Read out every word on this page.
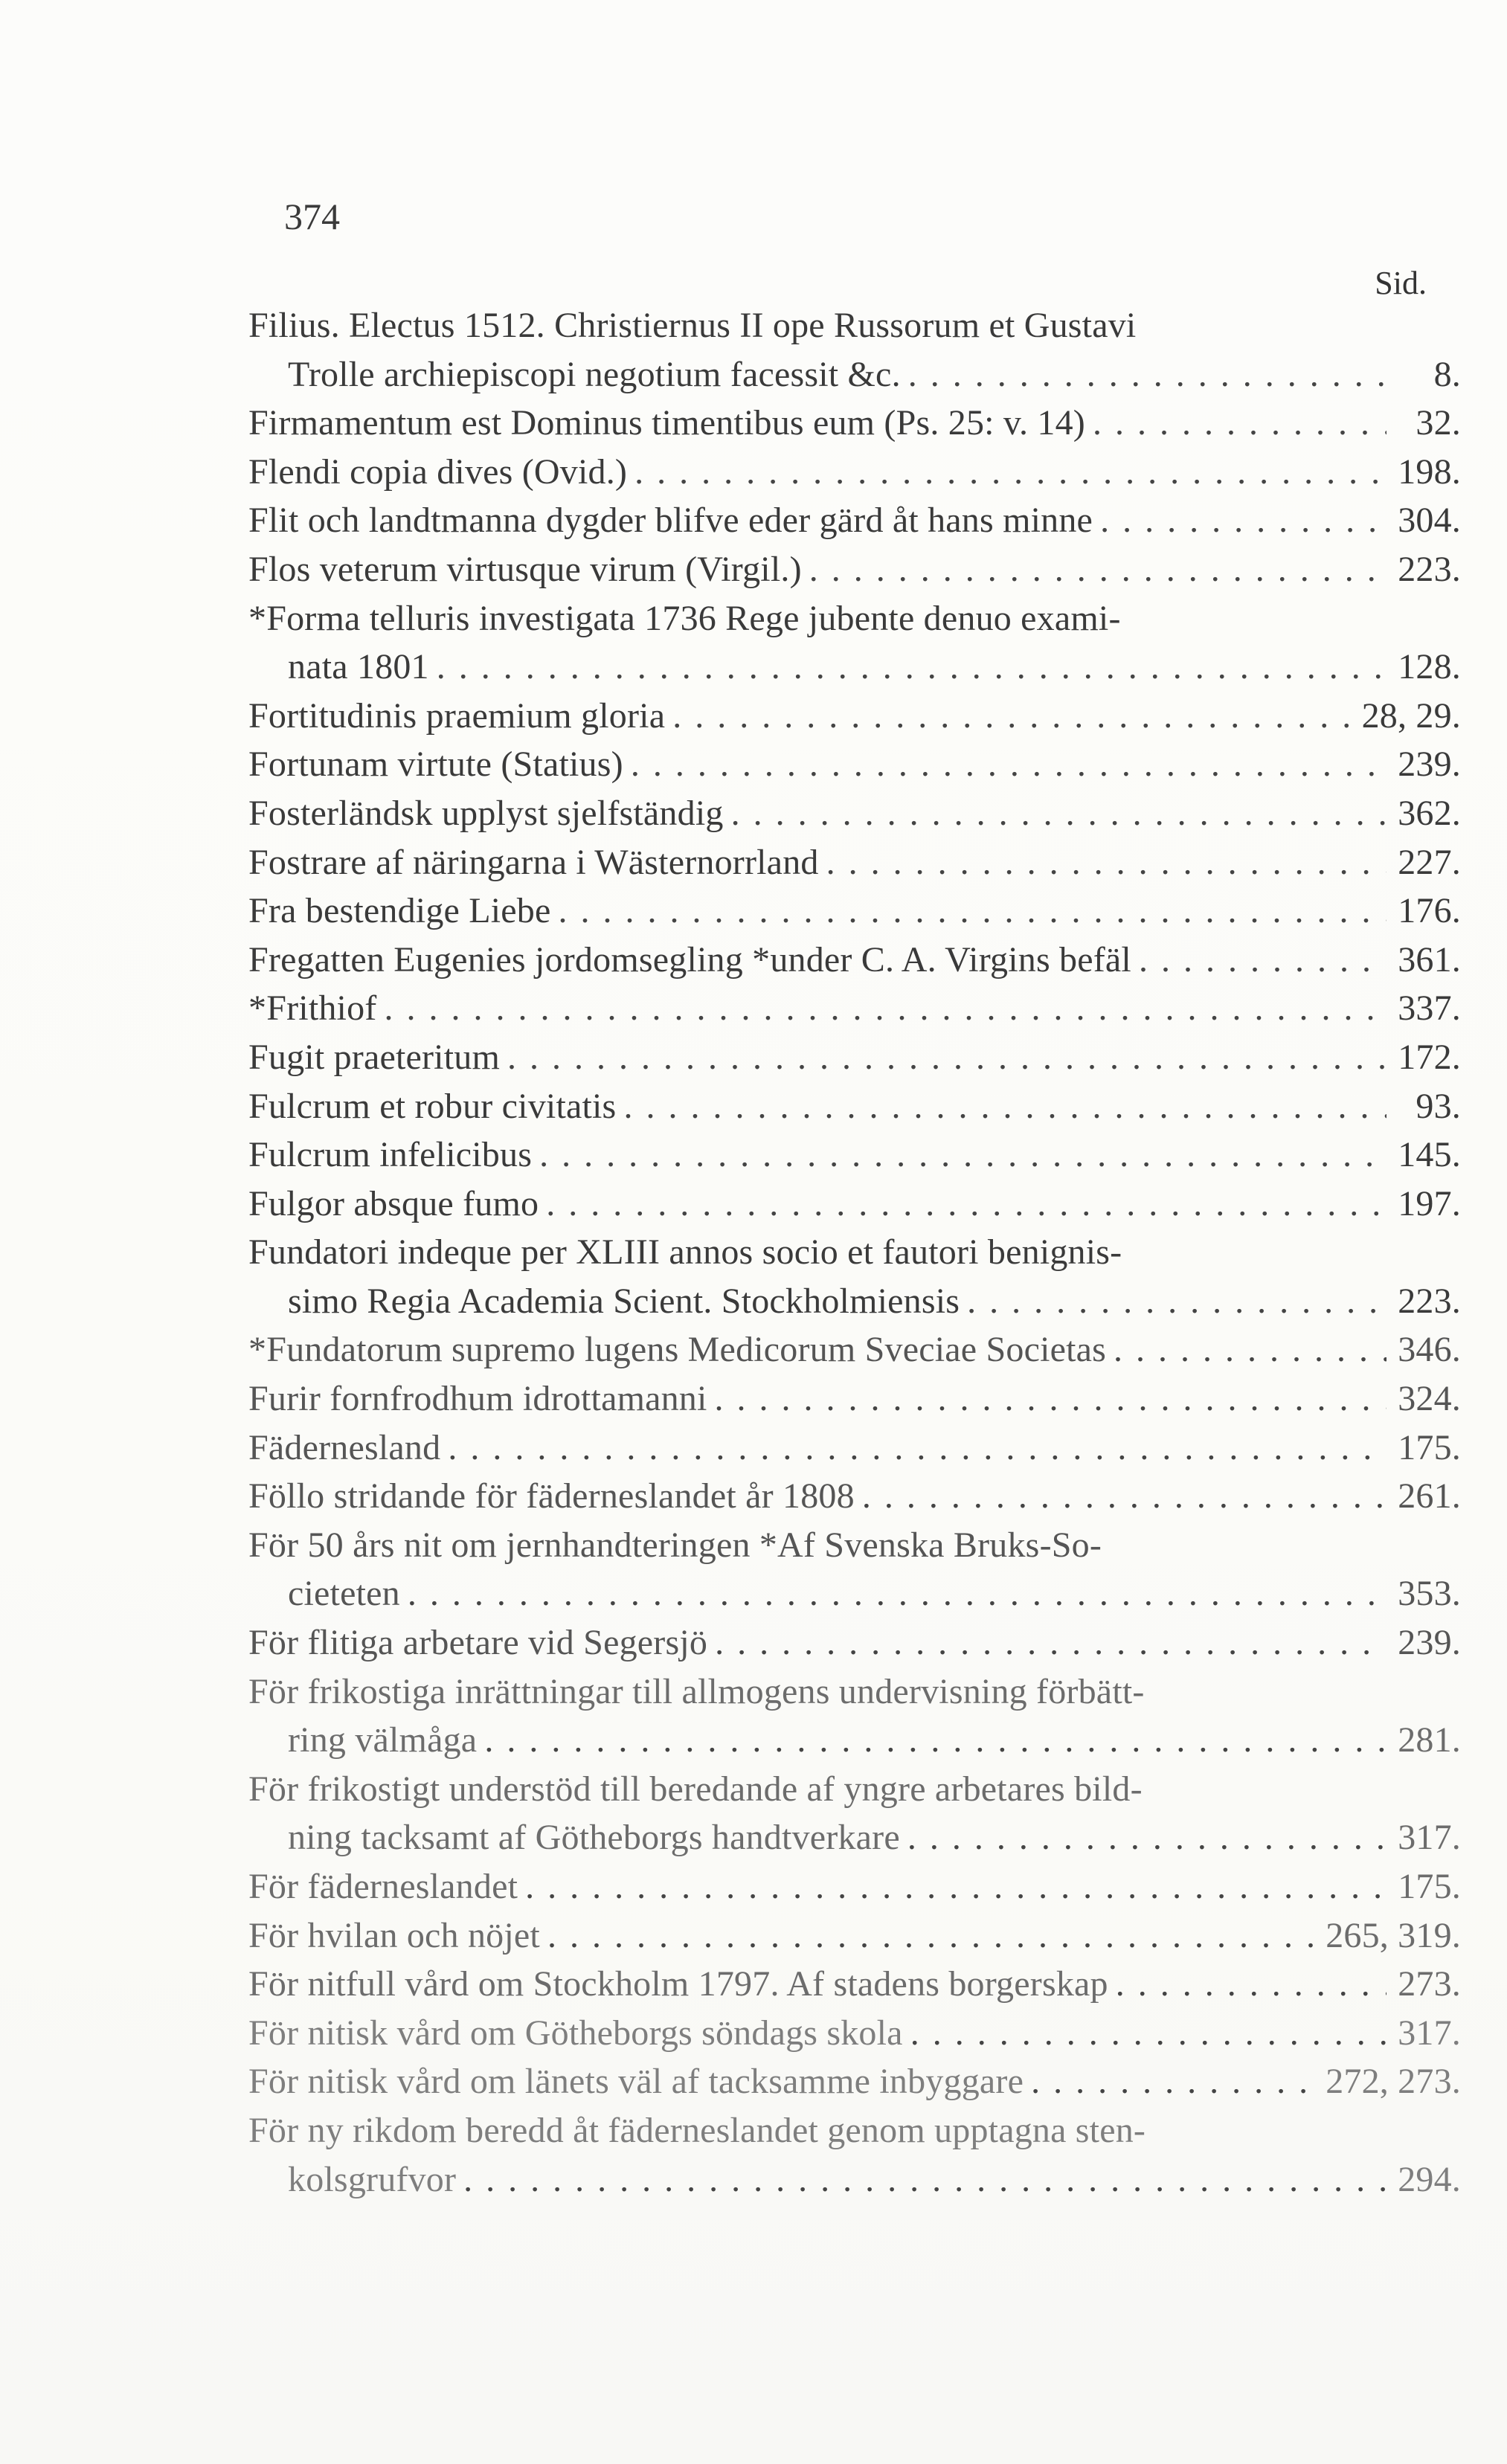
374
Sid.
Filius. Electus 1512. Christiernus II ope Russorum et Gustavi
Trolle archiepiscopi negotium facessit &c. . . .	8.
Firmamentum est Dominus timentibus eum (Ps. 25: v. 14) . . .	32.
Flendi copia dives (Ovid.) . . .	198.
Flit och landtmanna dygder blifve eder gärd åt hans minne . . .	304.
Flos veterum virtusque virum (Virgil.) . . .	223.
*Forma telluris investigata 1736 Rege jubente denuo exami-
nata 1801 . . .	128.
Fortitudinis praemium gloria . . .	28, 29.
Fortunam virtute (Statius) . . .	239.
Fosterländsk upplyst sjelfständig . . .	362.
Fostrare af näringarna i Wästernorrland . . .	227.
Fra bestendige Liebe . . .	176.
Fregatten Eugenies jordomsegling *under C. A. Virgins befäl . . .	361.
*Frithiof . . .	337.
Fugit praeteritum . . .	172.
Fulcrum et robur civitatis . . .	93.
Fulcrum infelicibus . . .	145.
Fulgor absque fumo . . .	197.
Fundatori indeque per XLIII annos socio et fautori benignis-
simo Regia Academia Scient. Stockholmiensis . . .	223.
*Fundatorum supremo lugens Medicorum Sveciae Societas . . .	346.
Furir fornfrodhum idrottamanni . . .	324.
Fädernesland . . .	175.
Föllo stridande för fäderneslandet år 1808 . . .	261.
För 50 års nit om jernhandteringen *Af Svenska Bruks-So-
cieteten . . .	353.
För flitiga arbetare vid Segersjö . . .	239.
För frikostiga inrättningar till allmogens undervisning förbätt-
ring välmåga . . .	281.
För frikostigt understöd till beredande af yngre arbetares bild-
ning tacksamt af Götheborgs handtverkare . . .	317.
För fäderneslandet . . .	175.
För hvilan och nöjet . . .	265, 319.
För nitfull vård om Stockholm 1797. Af stadens borgerskap . . .	273.
För nitisk vård om Götheborgs söndags skola . . .	317.
För nitisk vård om länets väl af tacksamme inbyggare . . .	272, 273.
För ny rikdom beredd åt fäderneslandet genom upptagna sten-
kolsgrufvor . . .	294.
